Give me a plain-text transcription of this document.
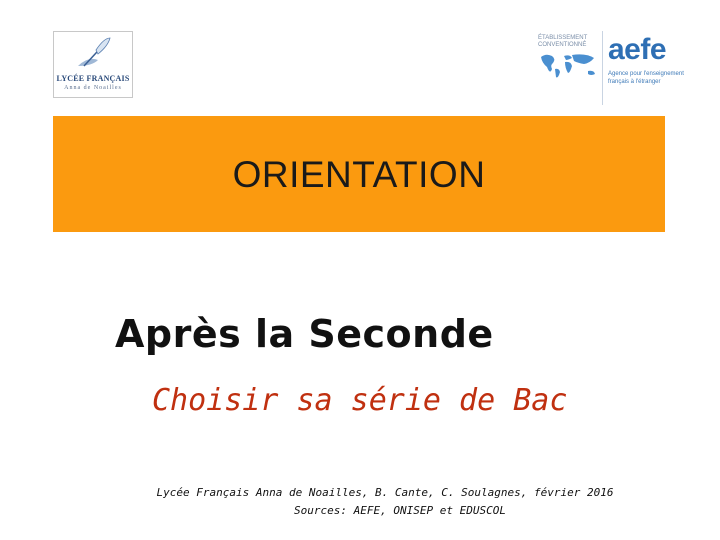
LYCÉE FRANÇAIS
Anna de Noailles
ÉTABLISSEMENT CONVENTIONNÉ aefe
Agence pour l'enseignement français à l'étranger
ORIENTATION
Après la Seconde
Choisir sa série de Bac
Lycée Français Anna de Noailles, B. Cante, C. Soulagnes, février 2016
Sources: AEFE, ONISEP et EDUSCOL
